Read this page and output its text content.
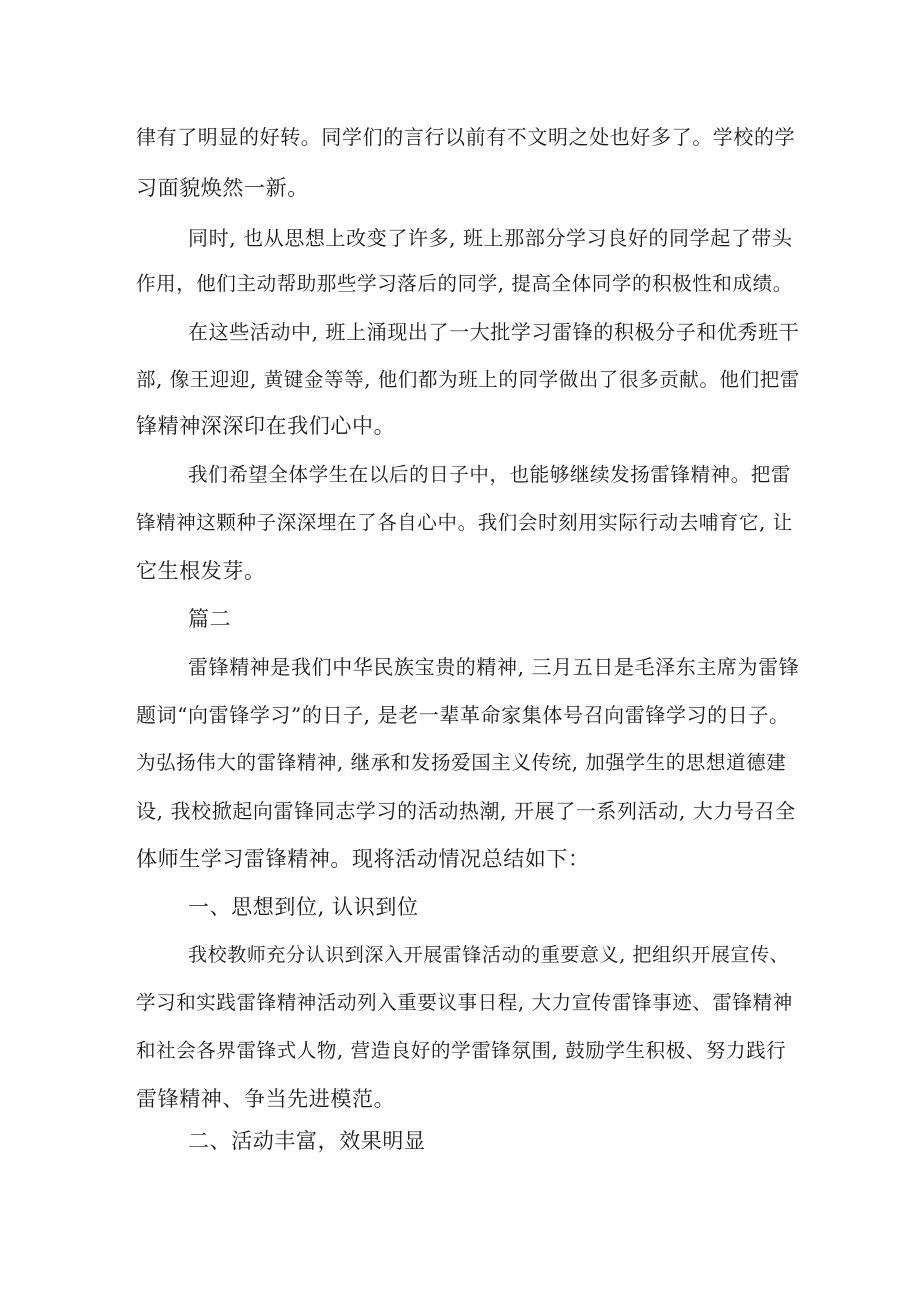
律有了明显的好转。同学们的言行以前有不文明之处也好多了。学校的学
习面貌焕然一新。
同时, 也从思想上改变了许多, 班上那部分学习良好的同学起了带头
作用，他们主动帮助那些学习落后的同学, 提高全体同学的积极性和成绩。
在这些活动中, 班上涌现出了一大批学习雷锋的积极分子和优秀班干
部, 像王迎迎, 黄键金等等, 他们都为班上的同学做出了很多贡献。他们把雷
锋精神深深印在我们心中。
我们希望全体学生在以后的日子中，也能够继续发扬雷锋精神。把雷
锋精神这颗种子深深埋在了各自心中。我们会时刻用实际行动去哺育它, 让
它生根发芽。
篇二
雷锋精神是我们中华民族宝贵的精神, 三月五日是毛泽东主席为雷锋
题词“向雷锋学习”的日子, 是老一辈革命家集体号召向雷锋学习的日子。
为弘扬伟大的雷锋精神, 继承和发扬爱国主义传统, 加强学生的思想道德建
设, 我校掀起向雷锋同志学习的活动热潮, 开展了一系列活动, 大力号召全
体师生学习雷锋精神。现将活动情况总结如下：
一、思想到位, 认识到位
我校教师充分认识到深入开展雷锋活动的重要意义, 把组织开展宣传、
学习和实践雷锋精神活动列入重要议事日程, 大力宣传雷锋事迹、雷锋精神
和社会各界雷锋式人物, 营造良好的学雷锋氛围, 鼓励学生积极、努力践行
雷锋精神、争当先进模范。
二、活动丰富，效果明显
